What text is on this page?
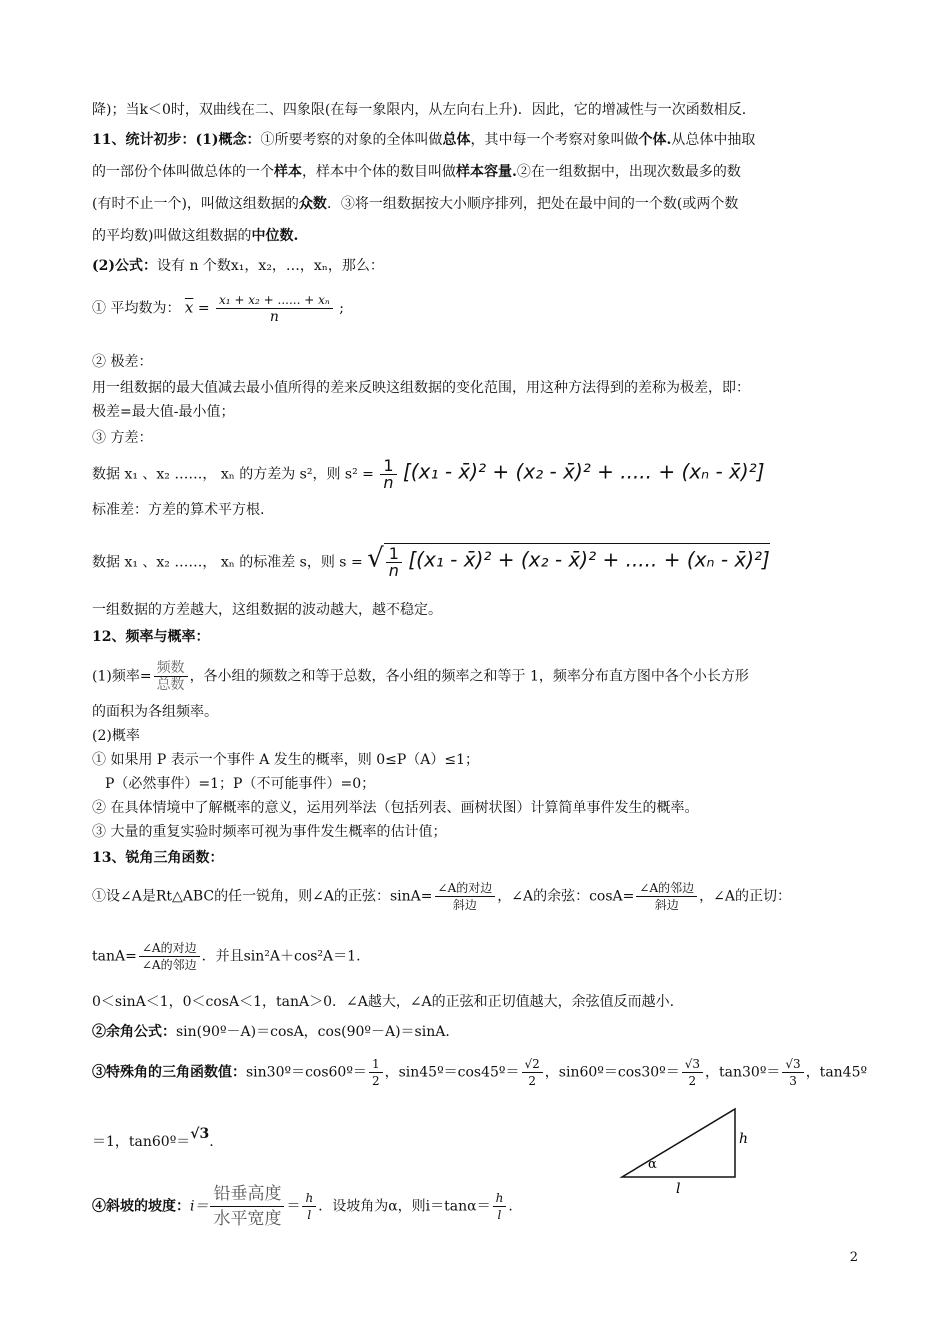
降)；当k＜0时，双曲线在二、四象限(在每一象限内，从左向右上升)．因此，它的增减性与一次函数相反.
11、统计初步：(1)概念：①所要考察的对象的全体叫做总体，其中每一个考察对象叫做个体.从总体中抽取
的一部份个体叫做总体的一个样本，样本中个体的数目叫做样本容量.②在一组数据中，出现次数最多的数
(有时不止一个)，叫做这组数据的众数．③将一组数据按大小顺序排列，把处在最中间的一个数(或两个数
的平均数)叫做这组数据的中位数.
(2)公式：设有 n 个数x₁，x₂，…，xₙ，那么：
① 平均数为： $\overline{x} = \frac{\text{x₁ + x₂ + ...... + xₙ}}{n}$ ;
② 极差：
用一组数据的最大值减去最小值所得的差来反映这组数据的变化范围，用这种方法得到的差称为极差，即：
极差=最大值-最小值；
③ 方差：
数据 x₁ 、x₂ ……， xₙ 的方差为 s²，则 $s^2 = \frac{1}{n} [(x_1$ - x̄)² + (x₂ - x̄)² + ..... + (xₙ - x̄)²]
标准差：方差的算术平方根.
数据 x₁ 、x₂ ……， xₙ 的标准差 s，则 s = √ $\frac{1}{n} [(x_1$ - x̄)² + (x₂ - x̄)² + ..... + (xₙ - x̄)²]
一组数据的方差越大，这组数据的波动越大，越不稳定。
12、频率与概率：
(1)频率= $\frac{\text{频数}}{\text{总数}}$ ，各小组的频数之和等于总数，各小组的频率之和等于 1，频率分布直方图中各个小长方形
的面积为各组频率。
(2)概率
① 如果用 P 表示一个事件 A 发生的概率，则 0≤P（A）≤1；
P（必然事件）=1；P（不可能事件）=0；
② 在具体情境中了解概率的意义，运用列举法（包括列表、画树状图）计算简单事件发生的概率。
③ 大量的重复实验时频率可视为事件发生概率的估计值；
13、锐角三角函数：
①设∠A是Rt△ABC的任一锐角，则∠A的正弦：$\sin A= \frac{\text{∠A的对边}}{\text{斜边}}$ ，∠A的余弦：$\cos A= \frac{\text{∠A的邻边}}{\text{斜边}}$ ，∠A的正切：
$\tan A= \frac{\text{∠A的对边}}{\text{∠A的邻边}}$ ．并且sin²A＋cos²A＝1.
0＜sinA＜1，0＜cosA＜1，tanA＞0．∠A越大，∠A的正弦和正切值越大，余弦值反而越小.
②余角公式：sin(90º－A)＝cosA，cos(90º－A)＝sinA.
③特殊角的三角函数值：sin30º＝cos60º＝ $\frac{1}{2}$ ，sin45º＝cos45º＝ $\frac{√2}{2}$ ，sin60º＝cos30º＝ $\frac{√3}{2}$ ，tan30º＝ $\frac{√3}{3}$ ，tan45º
＝1，tan60º＝√3.	h
α
l
④斜坡的坡度：$i= \frac{\text{铅垂高度}}{\text{水平宽度}} = \frac{h}{l}$ ．设坡角为α，则$i=\tan\alpha= \frac{h}{l}$ .
2
